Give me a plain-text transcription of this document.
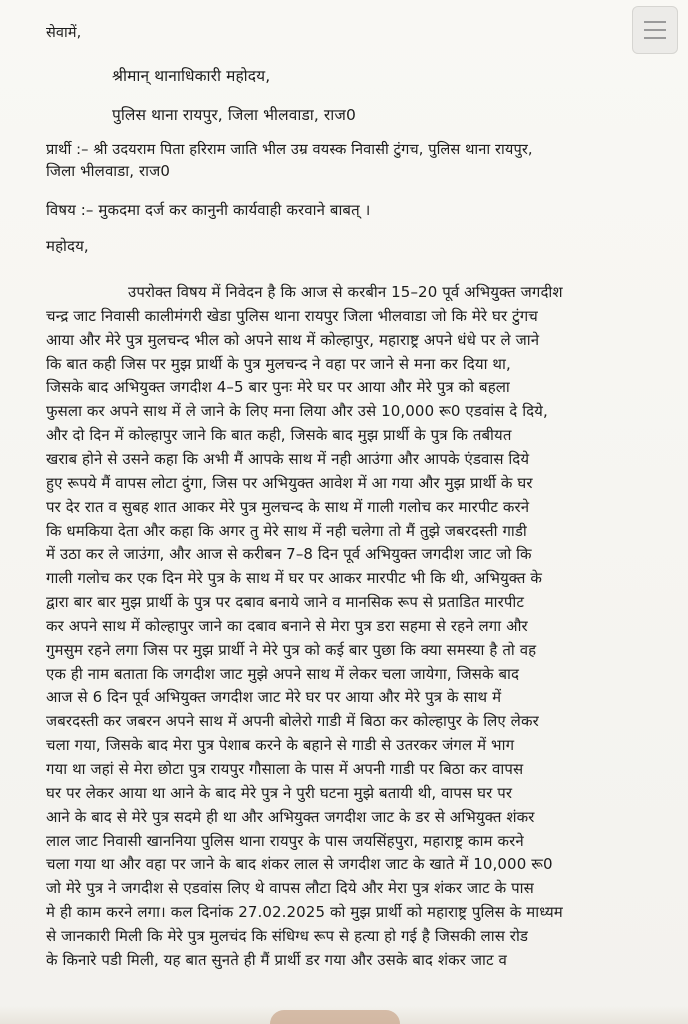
सेवामें,
श्रीमान् थानाधिकारी महोदय,
पुलिस थाना रायपुर, जिला भीलवाडा, राज0
प्रार्थी :– श्री उदयराम पिता हरिराम जाति भील उम्र वयस्क निवासी टुंगच, पुलिस थाना रायपुर,
जिला भीलवाडा, राज0
विषय :– मुकदमा दर्ज कर कानुनी कार्यवाही करवाने बाबत् ।
महोदय,
उपरोक्त विषय में निवेदन है कि आज से करबीन 15–20 पूर्व अभियुक्त जगदीश
चन्द्र जाट निवासी कालीमंगरी खेडा पुलिस थाना रायपुर जिला भीलवाडा जो कि मेरे घर टुंगच
आया और मेरे पुत्र मुलचन्द भील को अपने साथ में कोल्हापुर, महाराष्ट्र अपने धंधे पर ले जाने
कि बात कही जिस पर मुझ प्रार्थी के पुत्र मुलचन्द ने वहा पर जाने से मना कर दिया था,
जिसके बाद अभियुक्त जगदीश 4–5 बार पुनः मेरे घर पर आया और मेरे पुत्र को बहला
फुसला कर अपने साथ में ले जाने के लिए मना लिया और उसे 10,000 रू0 एडवांस दे दिये,
और दो दिन में कोल्हापुर जाने कि बात कही, जिसके बाद मुझ प्रार्थी के पुत्र कि तबीयत
खराब होने से उसने कहा कि अभी मैं आपके साथ में नही आउंगा और आपके एंडवास दिये
हुए रूपये मैं वापस लोटा दुंगा, जिस पर अभियुक्त आवेश में आ गया और मुझ प्रार्थी के घर
पर देर रात व सुबह शात आकर मेरे पुत्र मुलचन्द के साथ में गाली गलोच कर मारपीट करने
कि धमकिया देता और कहा कि अगर तु मेरे साथ में नही चलेगा तो मैं तुझे जबरदस्ती गाडी
में उठा कर ले जाउंगा, और आज से करीबन 7–8 दिन पूर्व अभियुक्त जगदीश जाट जो कि
गाली गलोच कर एक दिन मेरे पुत्र के साथ में घर पर आकर मारपीट भी कि थी, अभियुक्त के
द्वारा बार बार मुझ प्रार्थी के पुत्र पर दबाव बनाये जाने व मानसिक रूप से प्रताडित मारपीट
कर अपने साथ में कोल्हापुर जाने का दबाव बनाने से मेरा पुत्र डरा सहमा से रहने लगा और
गुमसुम रहने लगा जिस पर मुझ प्रार्थी ने मेरे पुत्र को कई बार पुछा कि क्या समस्या है तो वह
एक ही नाम बताता कि जगदीश जाट मुझे अपने साथ में लेकर चला जायेगा, जिसके बाद
आज से 6 दिन पूर्व अभियुक्त जगदीश जाट मेरे घर पर आया और मेरे पुत्र के साथ में
जबरदस्ती कर जबरन अपने साथ में अपनी बोलेरो गाडी में बिठा कर कोल्हापुर के लिए लेकर
चला गया, जिसके बाद मेरा पुत्र पेशाब करने के बहाने से गाडी से उतरकर जंगल में भाग
गया था जहां से मेरा छोटा पुत्र रायपुर गौसाला के पास में अपनी गाडी पर बिठा कर वापस
घर पर लेकर आया था आने के बाद मेरे पुत्र ने पुरी घटना मुझे बतायी थी, वापस घर पर
आने के बाद से मेरे पुत्र सदमे ही था और अभियुक्त जगदीश जाट के डर से अभियुक्त शंकर
लाल जाट निवासी खाननिया पुलिस थाना रायपुर के पास जयसिंहपुरा, महाराष्ट्र काम करने
चला गया था और वहा पर जाने के बाद शंकर लाल से जगदीश जाट के खाते में 10,000 रू0
जो मेरे पुत्र ने जगदीश से एडवांस लिए थे वापस लौटा दिये और मेरा पुत्र शंकर जाट के पास
मे ही काम करने लगा। कल दिनांक 27.02.2025 को मुझ प्रार्थी को महाराष्ट्र पुलिस के माध्यम
से जानकारी मिली कि मेरे पुत्र मुलचंद कि संधिग्ध रूप से हत्या हो गई है जिसकी लास रोड
के किनारे पडी मिली, यह बात सुनते ही मैं प्रार्थी डर गया और उसके बाद शंकर जाट व
